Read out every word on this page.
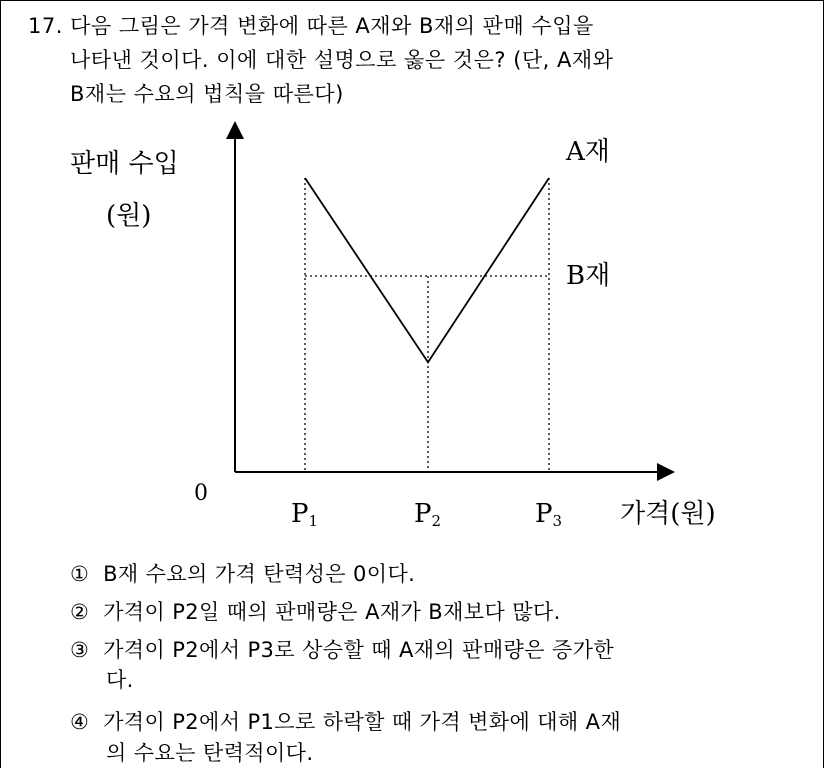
17. 다음 그림은 가격 변화에 따른 A재와 B재의 판매 수입을
나타낸 것이다. 이에 대한 설명으로 옳은 것은? (단, A재와
B재는 수요의 법칙을 따른다)
판매 수입
(원)
0
가격(원)
P1	P2	P3
A재
B재
① B재 수요의 가격 탄력성은 0이다.
② 가격이 P2일 때의 판매량은 A재가 B재보다 많다.
③ 가격이 P2에서 P3로 상승할 때 A재의 판매량은 증가한
다.
④ 가격이 P2에서 P1으로 하락할 때 가격 변화에 대해 A재
의 수요는 탄력적이다.
